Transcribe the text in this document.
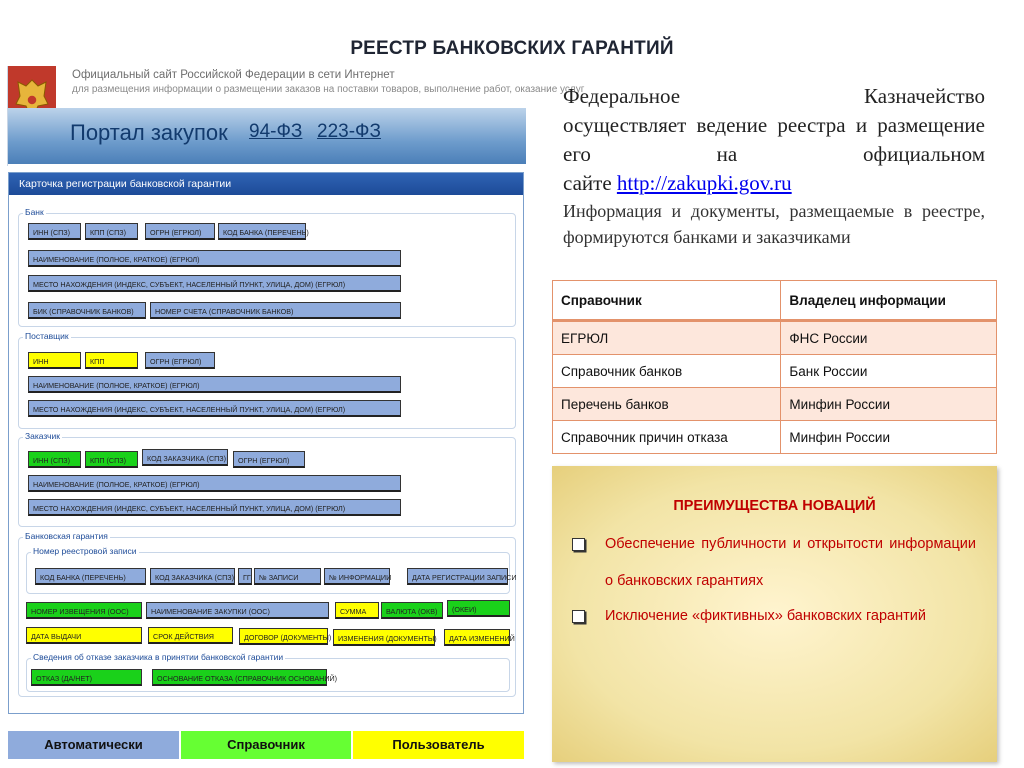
РЕЕСТР БАНКОВСКИХ ГАРАНТИЙ
Официальный сайт Российской Федерации в сети Интернет
для размещения информации о размещении заказов на поставки товаров, выполнение работ, оказание услуг
Портал закупок 94-ФЗ 223-ФЗ
Карточка регистрации банковской гарантии
Банк
ИНН (СПЗ)	КПП (СПЗ)	ОГРН (ЕГРЮЛ)	КОД БАНКА (ПЕРЕЧЕНЬ)
НАИМЕНОВАНИЕ (ПОЛНОЕ, КРАТКОЕ) (ЕГРЮЛ)
МЕСТО НАХОЖДЕНИЯ (ИНДЕКС, СУБЪЕКТ, НАСЕЛЕННЫЙ ПУНКТ, УЛИЦА, ДОМ) (ЕГРЮЛ)
БИК (СПРАВОЧНИК БАНКОВ)	НОМЕР СЧЕТА (СПРАВОЧНИК БАНКОВ)
Поставщик
ИНН	КПП	ОГРН (ЕГРЮЛ)
НАИМЕНОВАНИЕ (ПОЛНОЕ, КРАТКОЕ) (ЕГРЮЛ)
МЕСТО НАХОЖДЕНИЯ (ИНДЕКС, СУБЪЕКТ, НАСЕЛЕННЫЙ ПУНКТ, УЛИЦА, ДОМ) (ЕГРЮЛ)
Заказчик
ИНН (СПЗ)	КПП (СПЗ)	КОД ЗАКАЗЧИКА (СПЗ)	ОГРН (ЕГРЮЛ)
НАИМЕНОВАНИЕ (ПОЛНОЕ, КРАТКОЕ) (ЕГРЮЛ)
МЕСТО НАХОЖДЕНИЯ (ИНДЕКС, СУБЪЕКТ, НАСЕЛЕННЫЙ ПУНКТ, УЛИЦА, ДОМ) (ЕГРЮЛ)
Банковская гарантия
Номер реестровой записи
КОД БАНКА (ПЕРЕЧЕНЬ)	КОД ЗАКАЗЧИКА (СПЗ)	ГГ	№ ЗАПИСИ	№ ИНФОРМАЦИИ	ДАТА РЕГИСТРАЦИИ ЗАПИСИ
НОМЕР ИЗВЕЩЕНИЯ (ООС)	НАИМЕНОВАНИЕ ЗАКУПКИ (ООС)	СУММА	ВАЛЮТА (ОКВ)	(ОКЕИ)
ДАТА ВЫДАЧИ	СРОК ДЕЙСТВИЯ	ДОГОВОР (ДОКУМЕНТЫ) ИЗМЕНЕНИЯ (ДОКУМЕНТЫ)	ДАТА ИЗМЕНЕНИЙ
Сведения об отказе заказчика в принятии банковской гарантии
ОТКАЗ (ДА/НЕТ)	ОСНОВАНИЕ ОТКАЗА (СПРАВОЧНИК ОСНОВАНИЙ)
Автоматически	Справочник	Пользователь
Федеральное	Казначейство
осуществляет ведение реестра и размещение его на официальном
сайте http://zakupki.gov.ru
Информация и документы, размещаемые в реестре, формируются банками и заказчиками
Справочник	Владелец информации
ЕГРЮЛ	ФНС России
Справочник банков	Банк России
Перечень банков	Минфин России
Справочник причин отказа	Минфин России
ПРЕИМУЩЕСТВА НОВАЦИЙ
Обеспечение публичности и открытости информации о банковских гарантиях
Исключение «фиктивных» банковских гарантий
